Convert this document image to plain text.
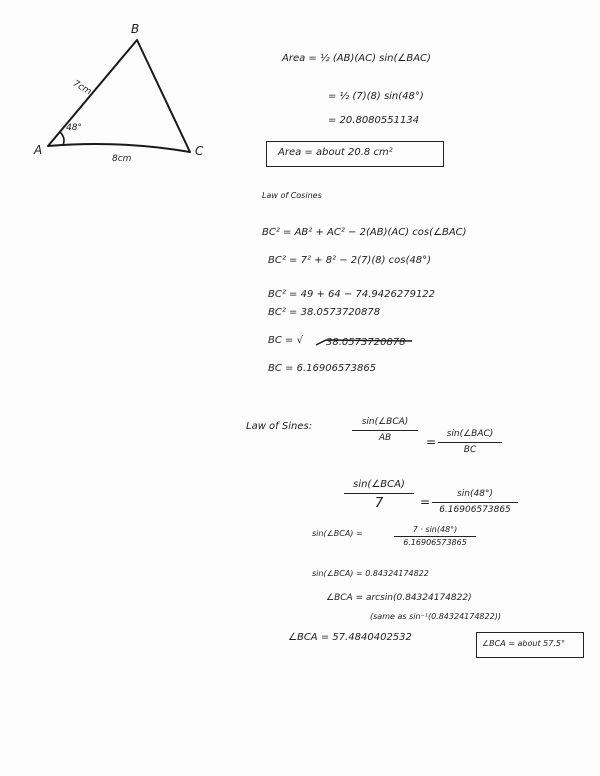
A
B
C
7cm
8cm
48°
Area = ½ (AB)(AC) sin(∠BAC)
= ½ (7)(8) sin(48°)
= 20.8080551134
Area = about 20.8 cm²
Law of Cosines
BC² = AB² + AC² − 2(AB)(AC) cos(∠BAC)
BC² = 7² + 8² − 2(7)(8) cos(48°)
BC² = 49 + 64 − 74.9426279122
BC² = 38.0573720878
BC = √ 38.0573720878
BC = 6.16906573865
Law of Sines:	sin(∠BCA)
AB	=
sin(∠BAC)
BC
sin(∠BCA)
7	=
sin(48°)
6.16906573865
sin(∠BCA) =	7 · sin(48°)
6.16906573865
sin(∠BCA) = 0.84324174822
∠BCA = arcsin(0.84324174822)
(same as sin⁻¹(0.84324174822))
∠BCA = 57.4840402532
∠BCA = about 57.5°
